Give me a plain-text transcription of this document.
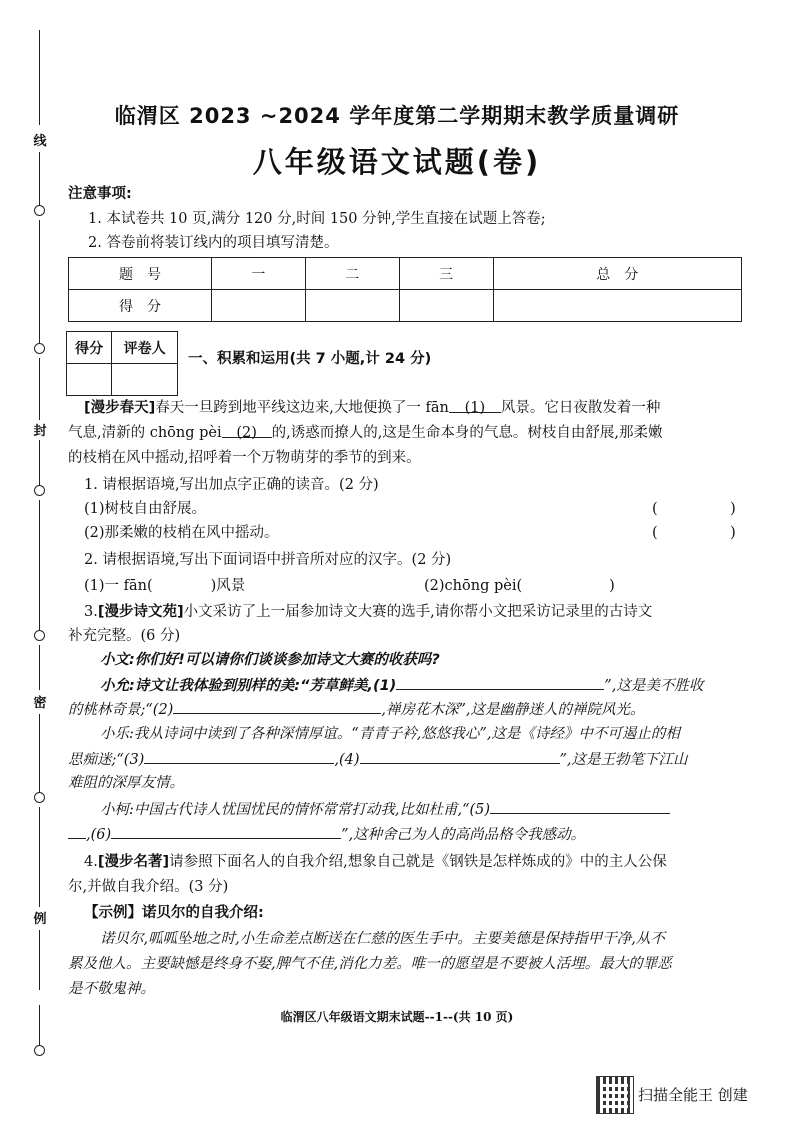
线
封
密
例
临渭区 2023 ~2024 学年度第二学期期末教学质量调研
八年级语文试题(卷)
注意事项:
1. 本试卷共 10 页,满分 120 分,时间 150 分钟,学生直接在试题上答卷;
2. 答卷前将装订线内的项目填写清楚。
题　号	一	二	三	总　分
得　分				
得分	评卷人

一、积累和运用(共 7 小题,计 24 分)
[漫步春天]春天一旦跨到地平线这边来,大地便换了一 fān (1) 风景。它日夜散发着一种
气息,清新的 chōng pèi (2) 的,诱惑而撩人的,这是生命本身的气息。树枝自由舒展,那柔嫩
的枝梢在风中摇动,招呼着一个万物萌芽的季节的到来。
1. 请根据语境,写出加点字正确的读音。(2 分)
(1)树枝自由舒展。	(　　　　　)
(2)那柔嫩的枝梢在风中摇动。	(　　　　　)
2. 请根据语境,写出下面词语中拼音所对应的汉字。(2 分)
(1)一 fān(　　　　)风景	(2)chōng pèi(　　　　　　)
3.[漫步诗文苑]小文采访了上一届参加诗文大赛的选手,请你帮小文把采访记录里的古诗文
补充完整。(6 分)
小文:你们好!可以请你们谈谈参加诗文大赛的收获吗?
小允:诗文让我体验到别样的美:“芳草鲜美,(1)	”,这是美不胜收
的桃林奇景;“(2)	,禅房花木深”,这是幽静迷人的禅院风光。
小乐:我从诗词中读到了各种深情厚谊。“青青子衿,悠悠我心”,这是《诗经》中不可遏止的相
思痴迷;“(3)	,(4)	”,这是王勃笔下江山
难阻的深厚友情。
小柯:中国古代诗人忧国忧民的情怀常常打动我,比如杜甫,“(5)
,(6)	”,这种舍己为人的高尚品格令我感动。
4.[漫步名著]请参照下面名人的自我介绍,想象自己就是《钢铁是怎样炼成的》中的主人公保
尔,并做自我介绍。(3 分)
【示例】诺贝尔的自我介绍:
诺贝尔,呱呱坠地之时,小生命差点断送在仁慈的医生手中。主要美德是保持指甲干净,从不
累及他人。主要缺憾是终身不娶,脾气不佳,消化力差。唯一的愿望是不要被人活埋。最大的罪恶
是不敬鬼神。
临渭区八年级语文期末试题--1--(共 10 页)
扫描全能王 创建
